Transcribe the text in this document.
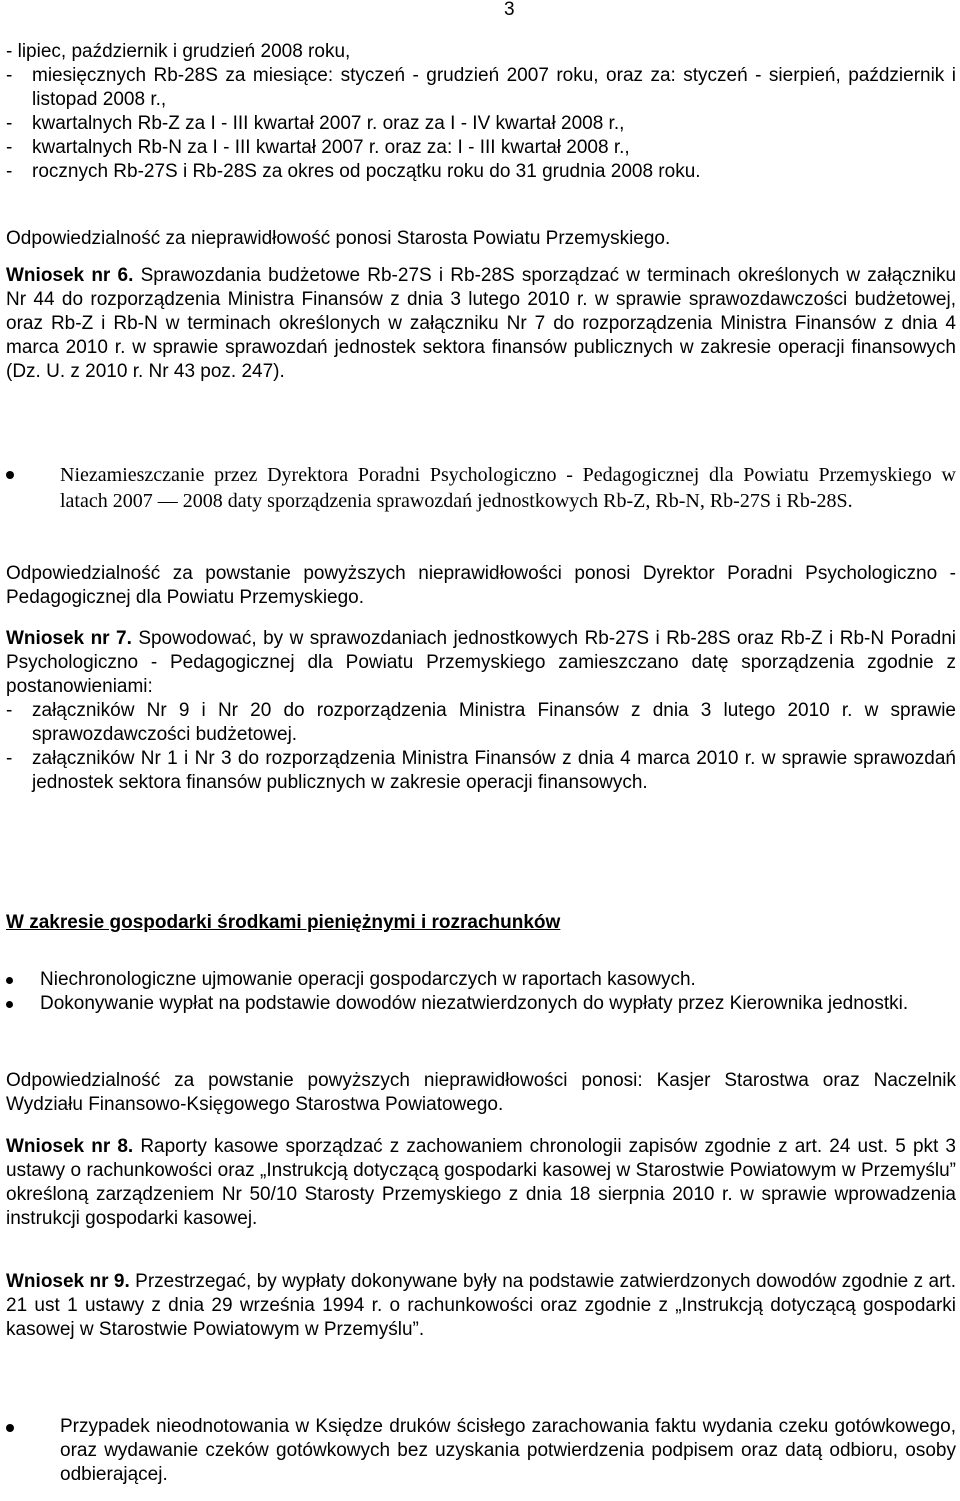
3

- lipiec, październik i grudzień 2008 roku,

- miesięcznych Rb-28S za miesiące: styczeń - grudzień 2007 roku, oraz za: styczeń - sierpień, październik i listopad 2008 r.,

- kwartalnych Rb-Z za I - III kwartał 2007 r. oraz za I - IV kwartał 2008 r.,

- kwartalnych Rb-N za I - III kwartał 2007 r. oraz za: I - III kwartał 2008 r.,

- rocznych Rb-27S i Rb-28S za okres od początku roku do 31 grudnia 2008 roku.

Odpowiedzialność za nieprawidłowość ponosi Starosta Powiatu Przemyskiego.

Wniosek nr 6. Sprawozdania budżetowe Rb-27S i Rb-28S sporządzać w terminach określonych w załączniku Nr 44 do rozporządzenia Ministra Finansów z dnia 3 lutego 2010 r. w sprawie sprawozdawczości budżetowej, oraz Rb-Z i Rb-N w terminach określonych w załączniku Nr 7 do rozporządzenia Ministra Finansów z dnia 4 marca 2010 r. w sprawie sprawozdań jednostek sektora finansów publicznych w zakresie operacji finansowych (Dz. U. z 2010 r. Nr 43 poz. 247).

Niezamieszczanie przez Dyrektora Poradni Psychologiczno - Pedagogicznej dla Powiatu Przemyskiego w latach 2007 — 2008 daty sporządzenia sprawozdań jednostkowych Rb-Z, Rb-N, Rb-27S i Rb-28S.

Odpowiedzialność za powstanie powyższych nieprawidłowości ponosi Dyrektor Poradni Psychologiczno - Pedagogicznej dla Powiatu Przemyskiego.

Wniosek nr 7. Spowodować, by w sprawozdaniach jednostkowych Rb-27S i Rb-28S oraz Rb-Z i Rb-N Poradni Psychologiczno - Pedagogicznej dla Powiatu Przemyskiego zamieszczano datę sporządzenia zgodnie z postanowieniami:

- załączników Nr 9 i Nr 20 do rozporządzenia Ministra Finansów z dnia 3 lutego 2010 r. w sprawie sprawozdawczości budżetowej.

- załączników Nr 1 i Nr 3 do rozporządzenia Ministra Finansów z dnia 4 marca 2010 r. w sprawie sprawozdań jednostek sektora finansów publicznych w zakresie operacji finansowych.

W zakresie gospodarki środkami pieniężnymi i rozrachunków

Niechronologiczne ujmowanie operacji gospodarczych w raportach kasowych.

Dokonywanie wypłat na podstawie dowodów niezatwierdzonych do wypłaty przez Kierownika jednostki.

Odpowiedzialność za powstanie powyższych nieprawidłowości ponosi: Kasjer Starostwa oraz Naczelnik Wydziału Finansowo-Księgowego Starostwa Powiatowego.

Wniosek nr 8. Raporty kasowe sporządzać z zachowaniem chronologii zapisów zgodnie z art. 24 ust. 5 pkt 3 ustawy o rachunkowości oraz „Instrukcją dotyczącą gospodarki kasowej w Starostwie Powiatowym w Przemyślu” określoną zarządzeniem Nr 50/10 Starosty Przemyskiego z dnia 18 sierpnia 2010 r. w sprawie wprowadzenia instrukcji gospodarki kasowej.

Wniosek nr 9. Przestrzegać, by wypłaty dokonywane były na podstawie zatwierdzonych dowodów zgodnie z art. 21 ust 1 ustawy z dnia 29 września 1994 r. o rachunkowości oraz zgodnie z „Instrukcją dotyczącą gospodarki kasowej w Starostwie Powiatowym w Przemyślu”.

Przypadek nieodnotowania w Księdze druków ścisłego zarachowania faktu wydania czeku gotówkowego, oraz wydawanie czeków gotówkowych bez uzyskania potwierdzenia podpisem oraz datą odbioru, osoby odbierającej.
